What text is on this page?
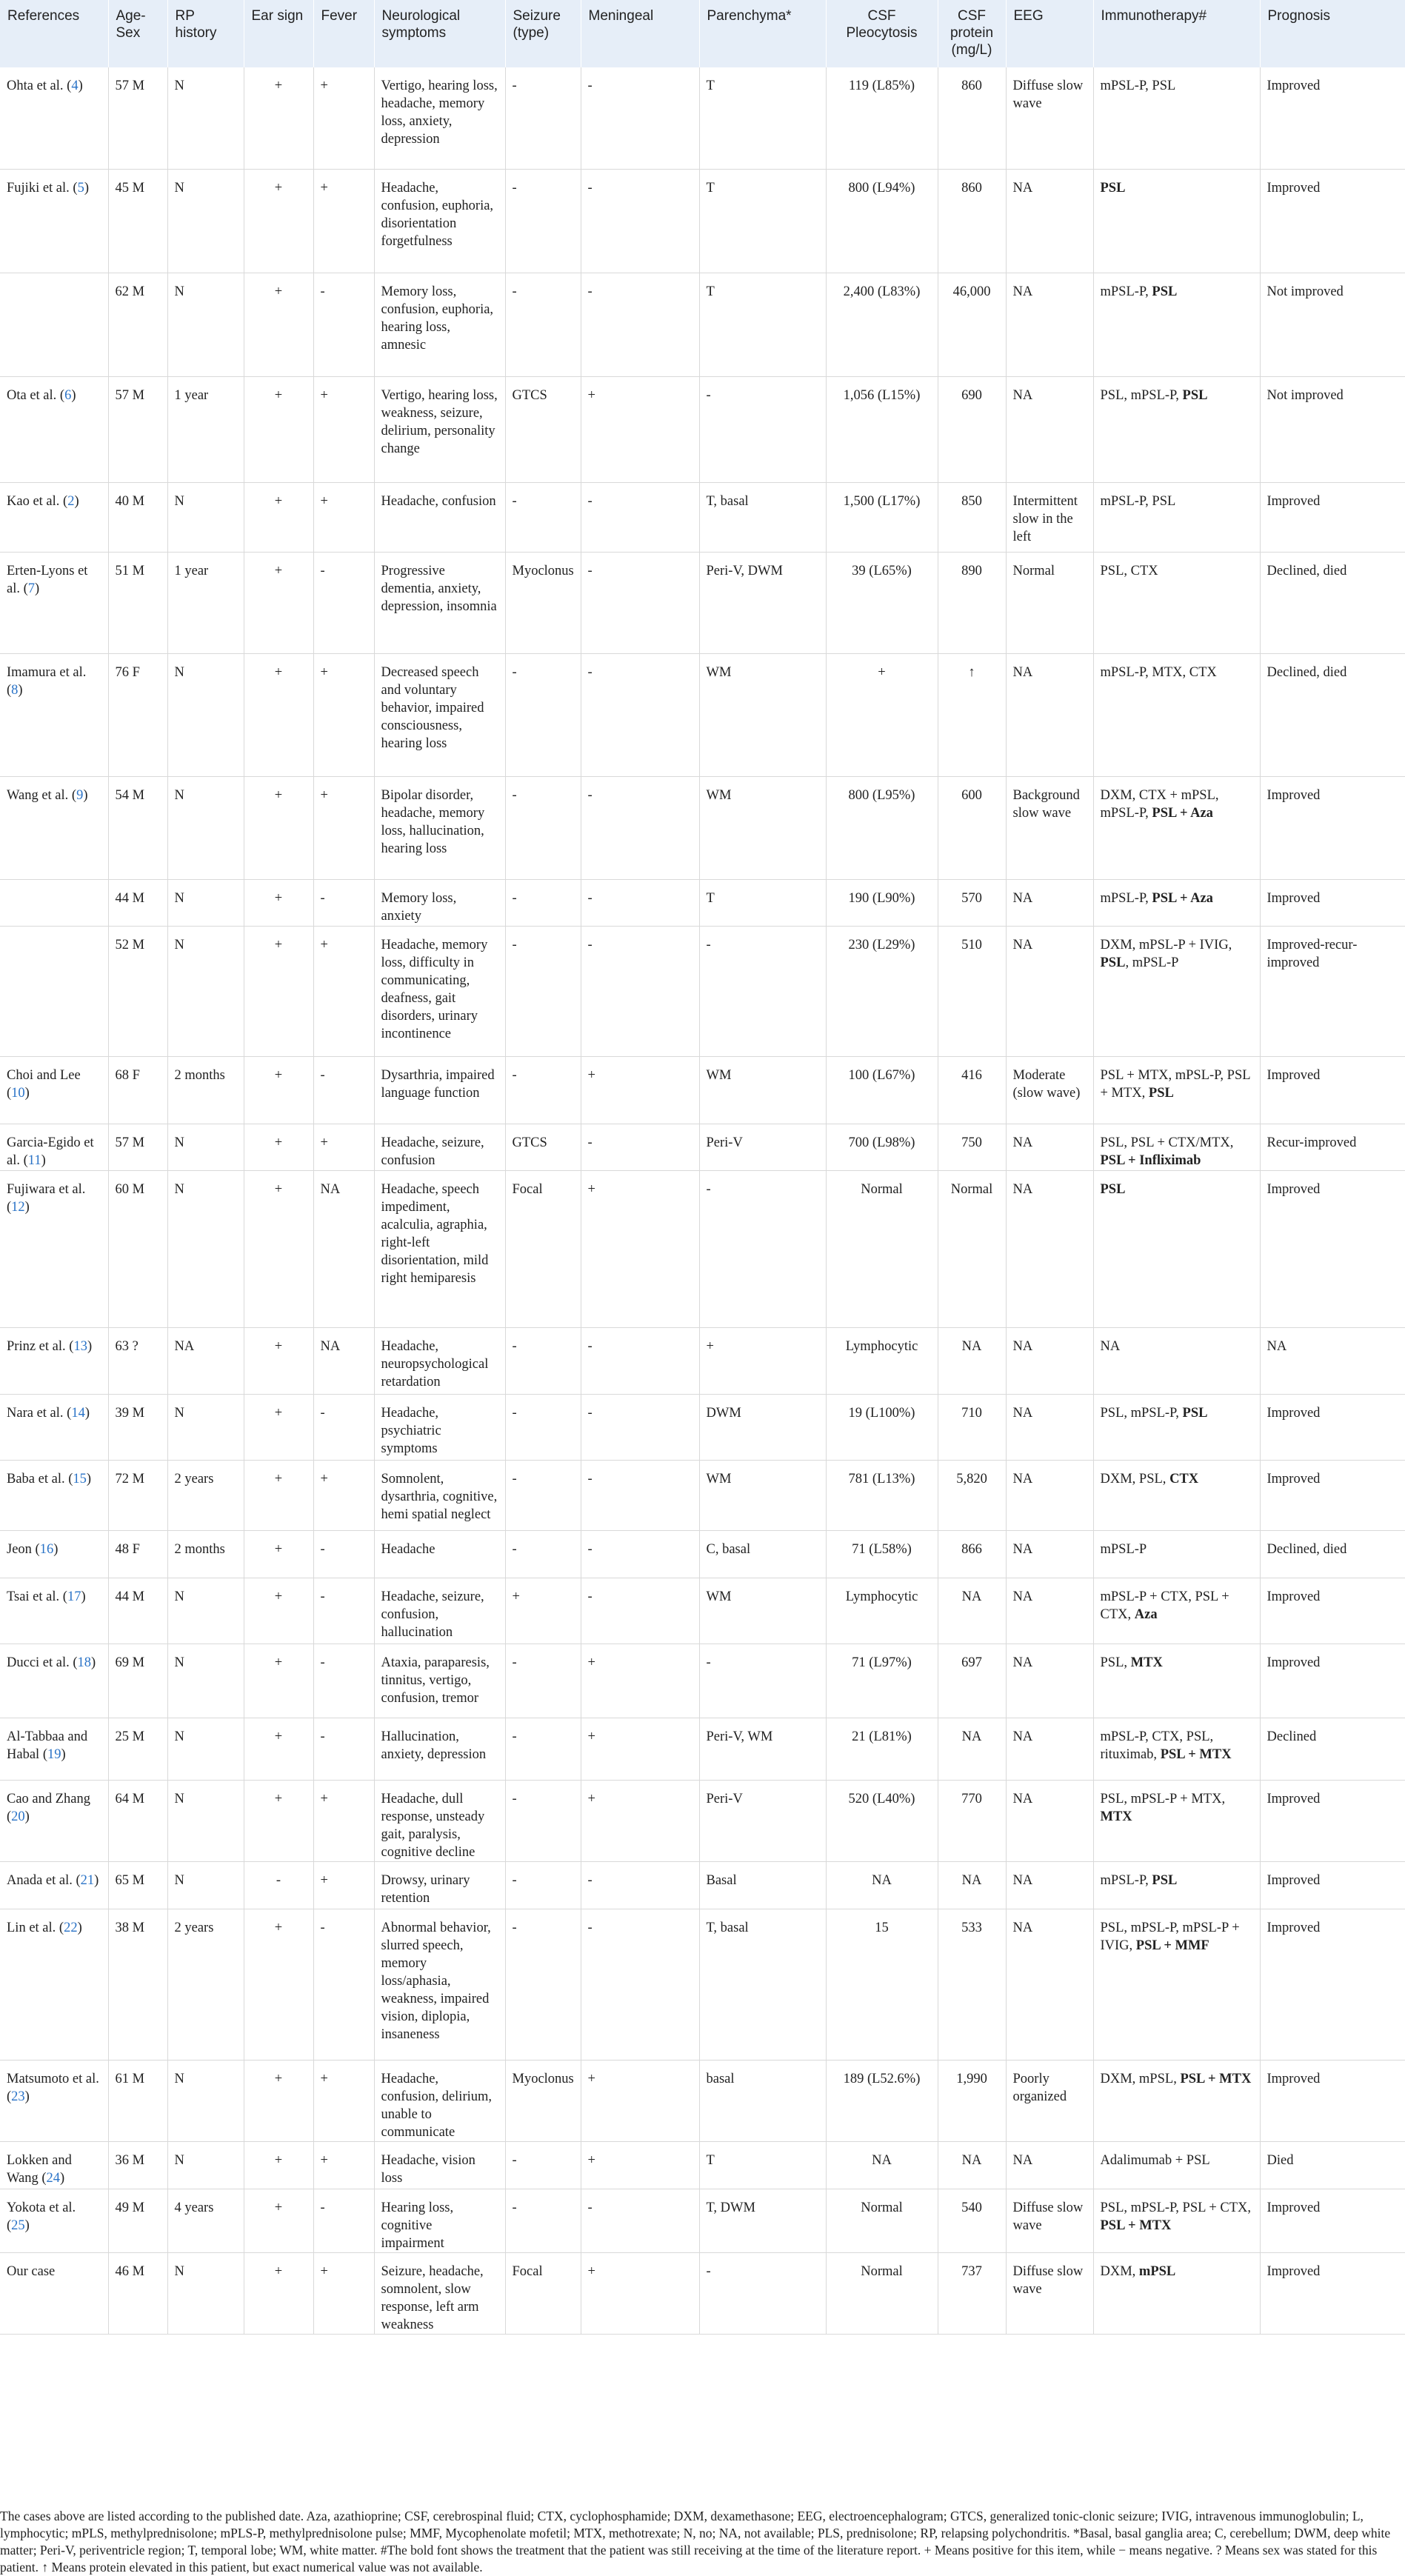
References	Age-Sex	RP history	Ear sign	Fever	Neurological symptoms	Seizure (type)	Meningeal	Parenchyma*	CSF Pleocytosis	CSF protein (mg/L)	EEG	Immunotherapy#	Prognosis
Ohta et al. (4)	57 M	N	+	+	Vertigo, hearing loss, headache, memory loss, anxiety, depression	-	-	T	119 (L85%)	860	Diffuse slow wave	mPSL-P, PSL	Improved
Fujiki et al. (5)	45 M	N	+	+	Headache, confusion, euphoria, disorientation forgetfulness	-	-	T	800 (L94%)	860	NA	PSL	Improved
	62 M	N	+	-	Memory loss, confusion, euphoria, hearing loss, amnesic	-	-	T	2,400 (L83%)	46,000	NA	mPSL-P, PSL	Not improved
Ota et al. (6)	57 M	1 year	+	+	Vertigo, hearing loss, weakness, seizure, delirium, personality change	GTCS	+	-	1,056 (L15%)	690	NA	PSL, mPSL-P, PSL	Not improved
Kao et al. (2)	40 M	N	+	+	Headache, confusion	-	-	T, basal	1,500 (L17%)	850	Intermittent slow in the left	mPSL-P, PSL	Improved
Erten-Lyons et al. (7)	51 M	1 year	+	-	Progressive dementia, anxiety, depression, insomnia	Myoclonus	-	Peri-V, DWM	39 (L65%)	890	Normal	PSL, CTX	Declined, died
Imamura et al. (8)	76 F	N	+	+	Decreased speech and voluntary behavior, impaired consciousness, hearing loss	-	-	WM	+	↑	NA	mPSL-P, MTX, CTX	Declined, died
Wang et al. (9)	54 M	N	+	+	Bipolar disorder, headache, memory loss, hallucination, hearing loss	-	-	WM	800 (L95%)	600	Background slow wave	DXM, CTX + mPSL, mPSL-P, PSL + Aza	Improved
	44 M	N	+	-	Memory loss, anxiety	-	-	T	190 (L90%)	570	NA	mPSL-P, PSL + Aza	Improved
	52 M	N	+	+	Headache, memory loss, difficulty in communicating, deafness, gait disorders, urinary incontinence	-	-	-	230 (L29%)	510	NA	DXM, mPSL-P + IVIG, PSL, mPSL-P	Improved-recur-improved
Choi and Lee (10)	68 F	2 months	+	-	Dysarthria, impaired language function	-	+	WM	100 (L67%)	416	Moderate (slow wave)	PSL + MTX, mPSL-P, PSL + MTX, PSL	Improved
Garcia-Egido et al. (11)	57 M	N	+	+	Headache, seizure, confusion	GTCS	-	Peri-V	700 (L98%)	750	NA	PSL, PSL + CTX/MTX, PSL + Infliximab	Recur-improved
Fujiwara et al. (12)	60 M	N	+	NA	Headache, speech impediment, acalculia, agraphia, right-left disorientation, mild right hemiparesis	Focal	+	-	Normal	Normal	NA	PSL	Improved
Prinz et al. (13)	63 ?	NA	+	NA	Headache, neuropsychological retardation	-	-	+	Lymphocytic	NA	NA	NA	NA
Nara et al. (14)	39 M	N	+	-	Headache, psychiatric symptoms	-	-	DWM	19 (L100%)	710	NA	PSL, mPSL-P, PSL	Improved
Baba et al. (15)	72 M	2 years	+	+	Somnolent, dysarthria, cognitive, hemi spatial neglect	-	-	WM	781 (L13%)	5,820	NA	DXM, PSL, CTX	Improved
Jeon (16)	48 F	2 months	+	-	Headache	-	-	C, basal	71 (L58%)	866	NA	mPSL-P	Declined, died
Tsai et al. (17)	44 M	N	+	-	Headache, seizure, confusion, hallucination	+	-	WM	Lymphocytic	NA	NA	mPSL-P + CTX, PSL + CTX, Aza	Improved
Ducci et al. (18)	69 M	N	+	-	Ataxia, paraparesis, tinnitus, vertigo, confusion, tremor	-	+	-	71 (L97%)	697	NA	PSL, MTX	Improved
Al-Tabbaa and Habal (19)	25 M	N	+	-	Hallucination, anxiety, depression	-	+	Peri-V, WM	21 (L81%)	NA	NA	mPSL-P, CTX, PSL, rituximab, PSL + MTX	Declined
Cao and Zhang (20)	64 M	N	+	+	Headache, dull response, unsteady gait, paralysis, cognitive decline	-	+	Peri-V	520 (L40%)	770	NA	PSL, mPSL-P + MTX, MTX	Improved
Anada et al. (21)	65 M	N	-	+	Drowsy, urinary retention	-	-	Basal	NA	NA	NA	mPSL-P, PSL	Improved
Lin et al. (22)	38 M	2 years	+	-	Abnormal behavior, slurred speech, memory loss/aphasia, weakness, impaired vision, diplopia, insaneness	-	-	T, basal	15	533	NA	PSL, mPSL-P, mPSL-P + IVIG, PSL + MMF	Improved
Matsumoto et al. (23)	61 M	N	+	+	Headache, confusion, delirium, unable to communicate	Myoclonus	+	basal	189 (L52.6%)	1,990	Poorly organized	DXM, mPSL, PSL + MTX	Improved
Lokken and Wang (24)	36 M	N	+	+	Headache, vision loss	-	+	T	NA	NA	NA	Adalimumab + PSL	Died
Yokota et al. (25)	49 M	4 years	+	-	Hearing loss, cognitive impairment	-	-	T, DWM	Normal	540	Diffuse slow wave	PSL, mPSL-P, PSL + CTX, PSL + MTX	Improved
Our case	46 M	N	+	+	Seizure, headache, somnolent, slow response, left arm weakness	Focal	+	-	Normal	737	Diffuse slow wave	DXM, mPSL	Improved
The cases above are listed according to the published date. Aza, azathioprine; CSF, cerebrospinal fluid; CTX, cyclophosphamide; DXM, dexamethasone; EEG, electroencephalogram; GTCS, generalized tonic-clonic seizure; IVIG, intravenous immunoglobulin; L,
lymphocytic; mPLS, methylprednisolone; mPLS-P, methylprednisolone pulse; MMF, Mycophenolate mofetil; MTX, methotrexate; N, no; NA, not available; PLS, prednisolone; RP, relapsing polychondritis. *Basal, basal ganglia area; C, cerebellum; DWM, deep white
matter; Peri-V, periventricle region; T, temporal lobe; WM, white matter. #The bold font shows the treatment that the patient was still receiving at the time of the literature report. + Means positive for this item, while − means negative. ? Means sex was stated for this
patient. ↑ Means protein elevated in this patient, but exact numerical value was not available.
